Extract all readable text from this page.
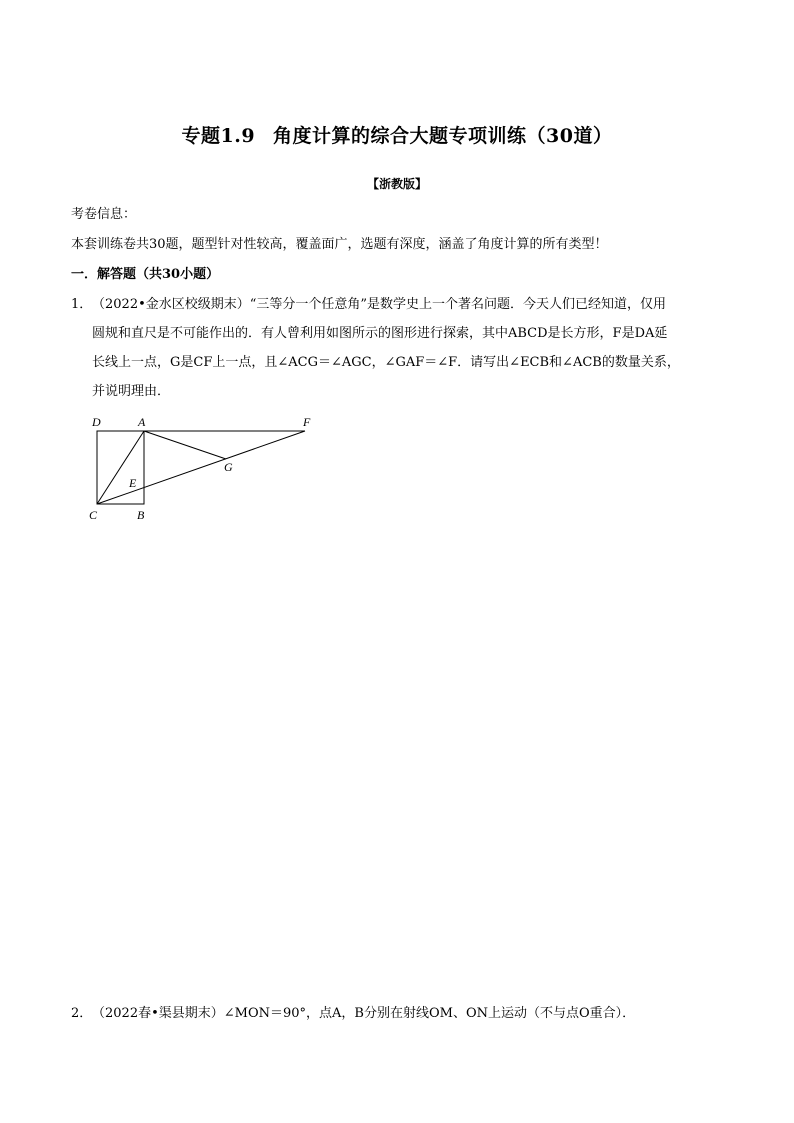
专题1.9 角度计算的综合大题专项训练（30道）
【浙教版】
考卷信息：
本套训练卷共30题，题型针对性较高，覆盖面广，选题有深度，涵盖了角度计算的所有类型！
一．解答题（共30小题）
1．（2022•金水区校级期末）“三等分一个任意角”是数学史上一个著名问题．今天人们已经知道，仅用
圆规和直尺是不可能作出的．有人曾利用如图所示的图形进行探索，其中ABCD是长方形，F是DA延
长线上一点，G是CF上一点，且∠ACG＝∠AGC，∠GAF＝∠F．请写出∠ECB和∠ACB的数量关系，
并说明理由．
D	A	F
G
E
C	B
2．（2022春•渠县期末）∠MON＝90°，点A，B分别在射线OM、ON上运动（不与点O重合）．
